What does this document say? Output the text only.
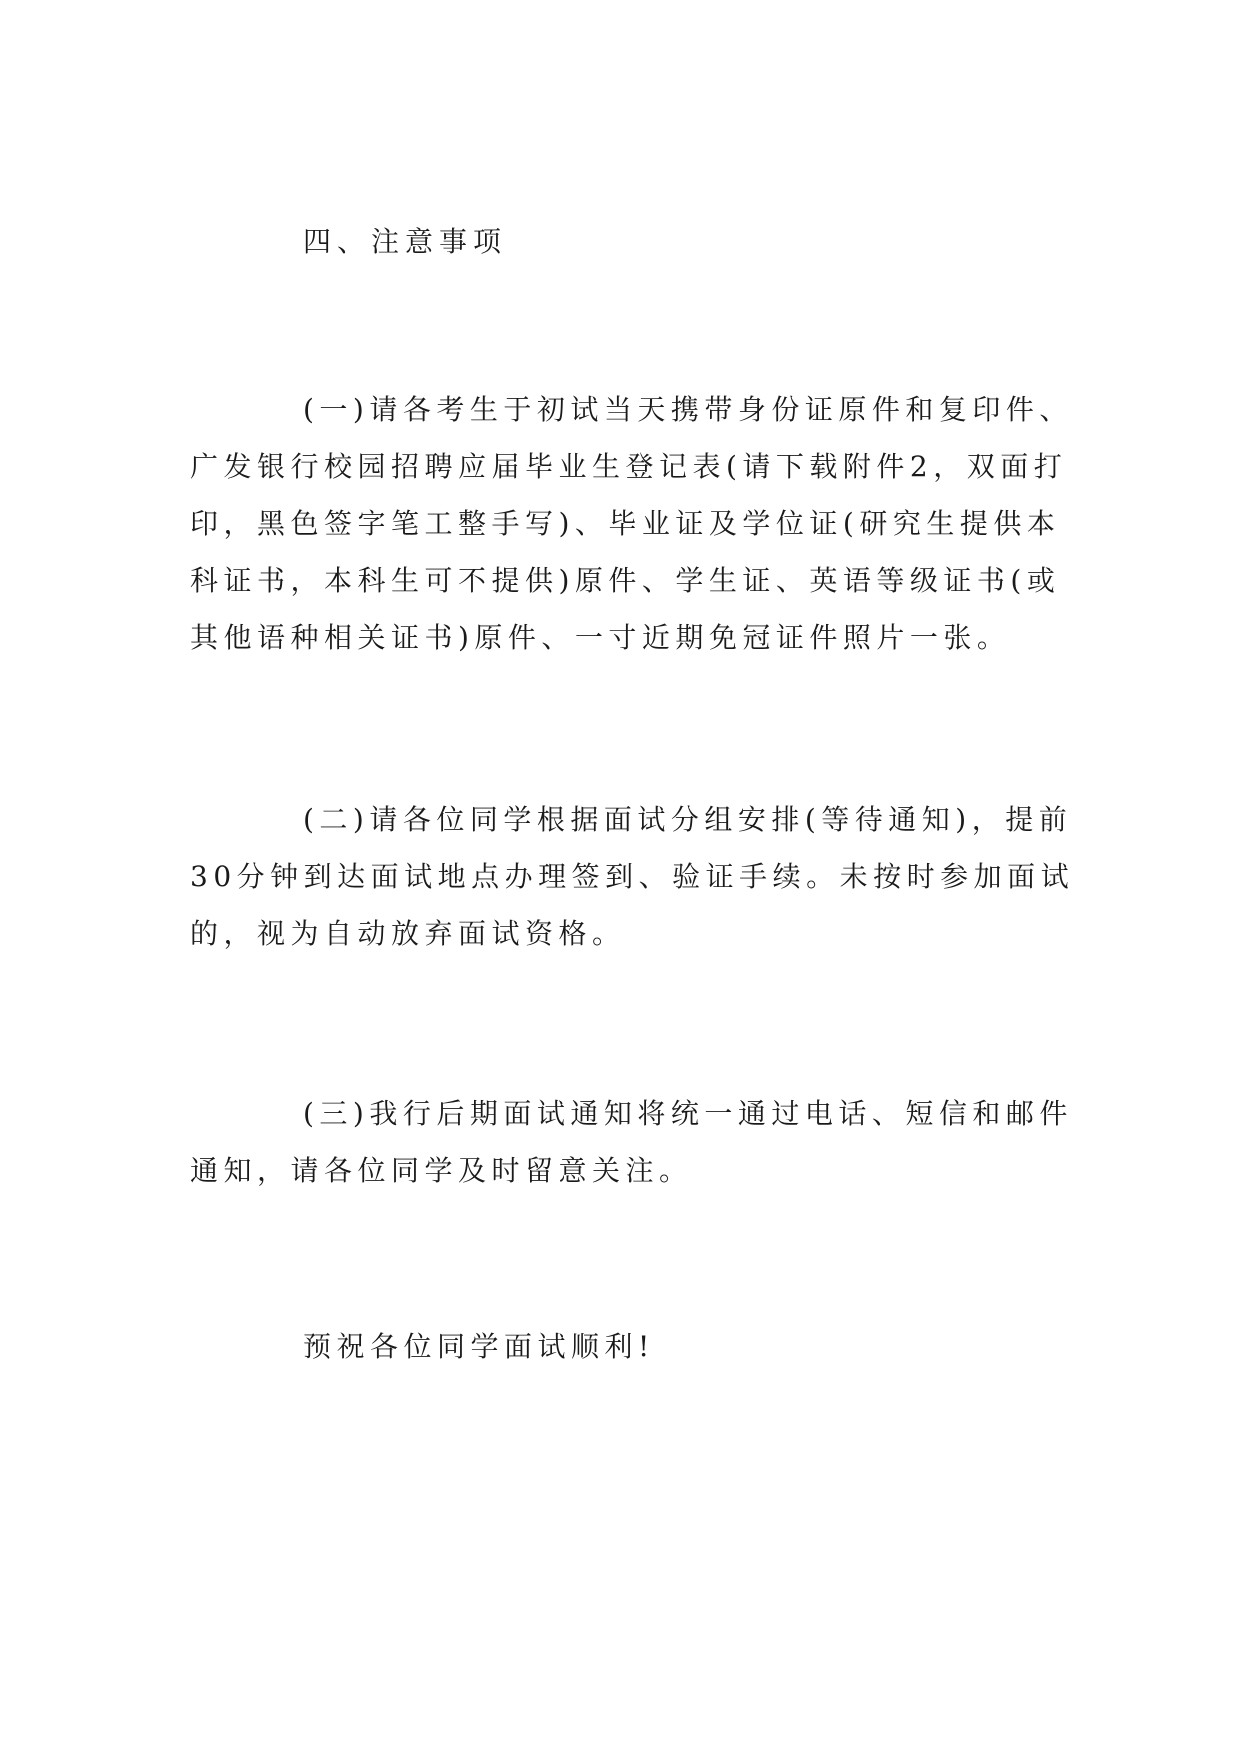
四、注意事项
(一)请各考生于初试当天携带身份证原件和复印件、
广发银行校园招聘应届毕业生登记表(请下载附件2，双面打
印，黑色签字笔工整手写)、毕业证及学位证(研究生提供本
科证书，本科生可不提供)原件、学生证、英语等级证书(或
其他语种相关证书)原件、一寸近期免冠证件照片一张。
(二)请各位同学根据面试分组安排(等待通知)，提前
30分钟到达面试地点办理签到、验证手续。未按时参加面试
的，视为自动放弃面试资格。
(三)我行后期面试通知将统一通过电话、短信和邮件
通知，请各位同学及时留意关注。
预祝各位同学面试顺利!
